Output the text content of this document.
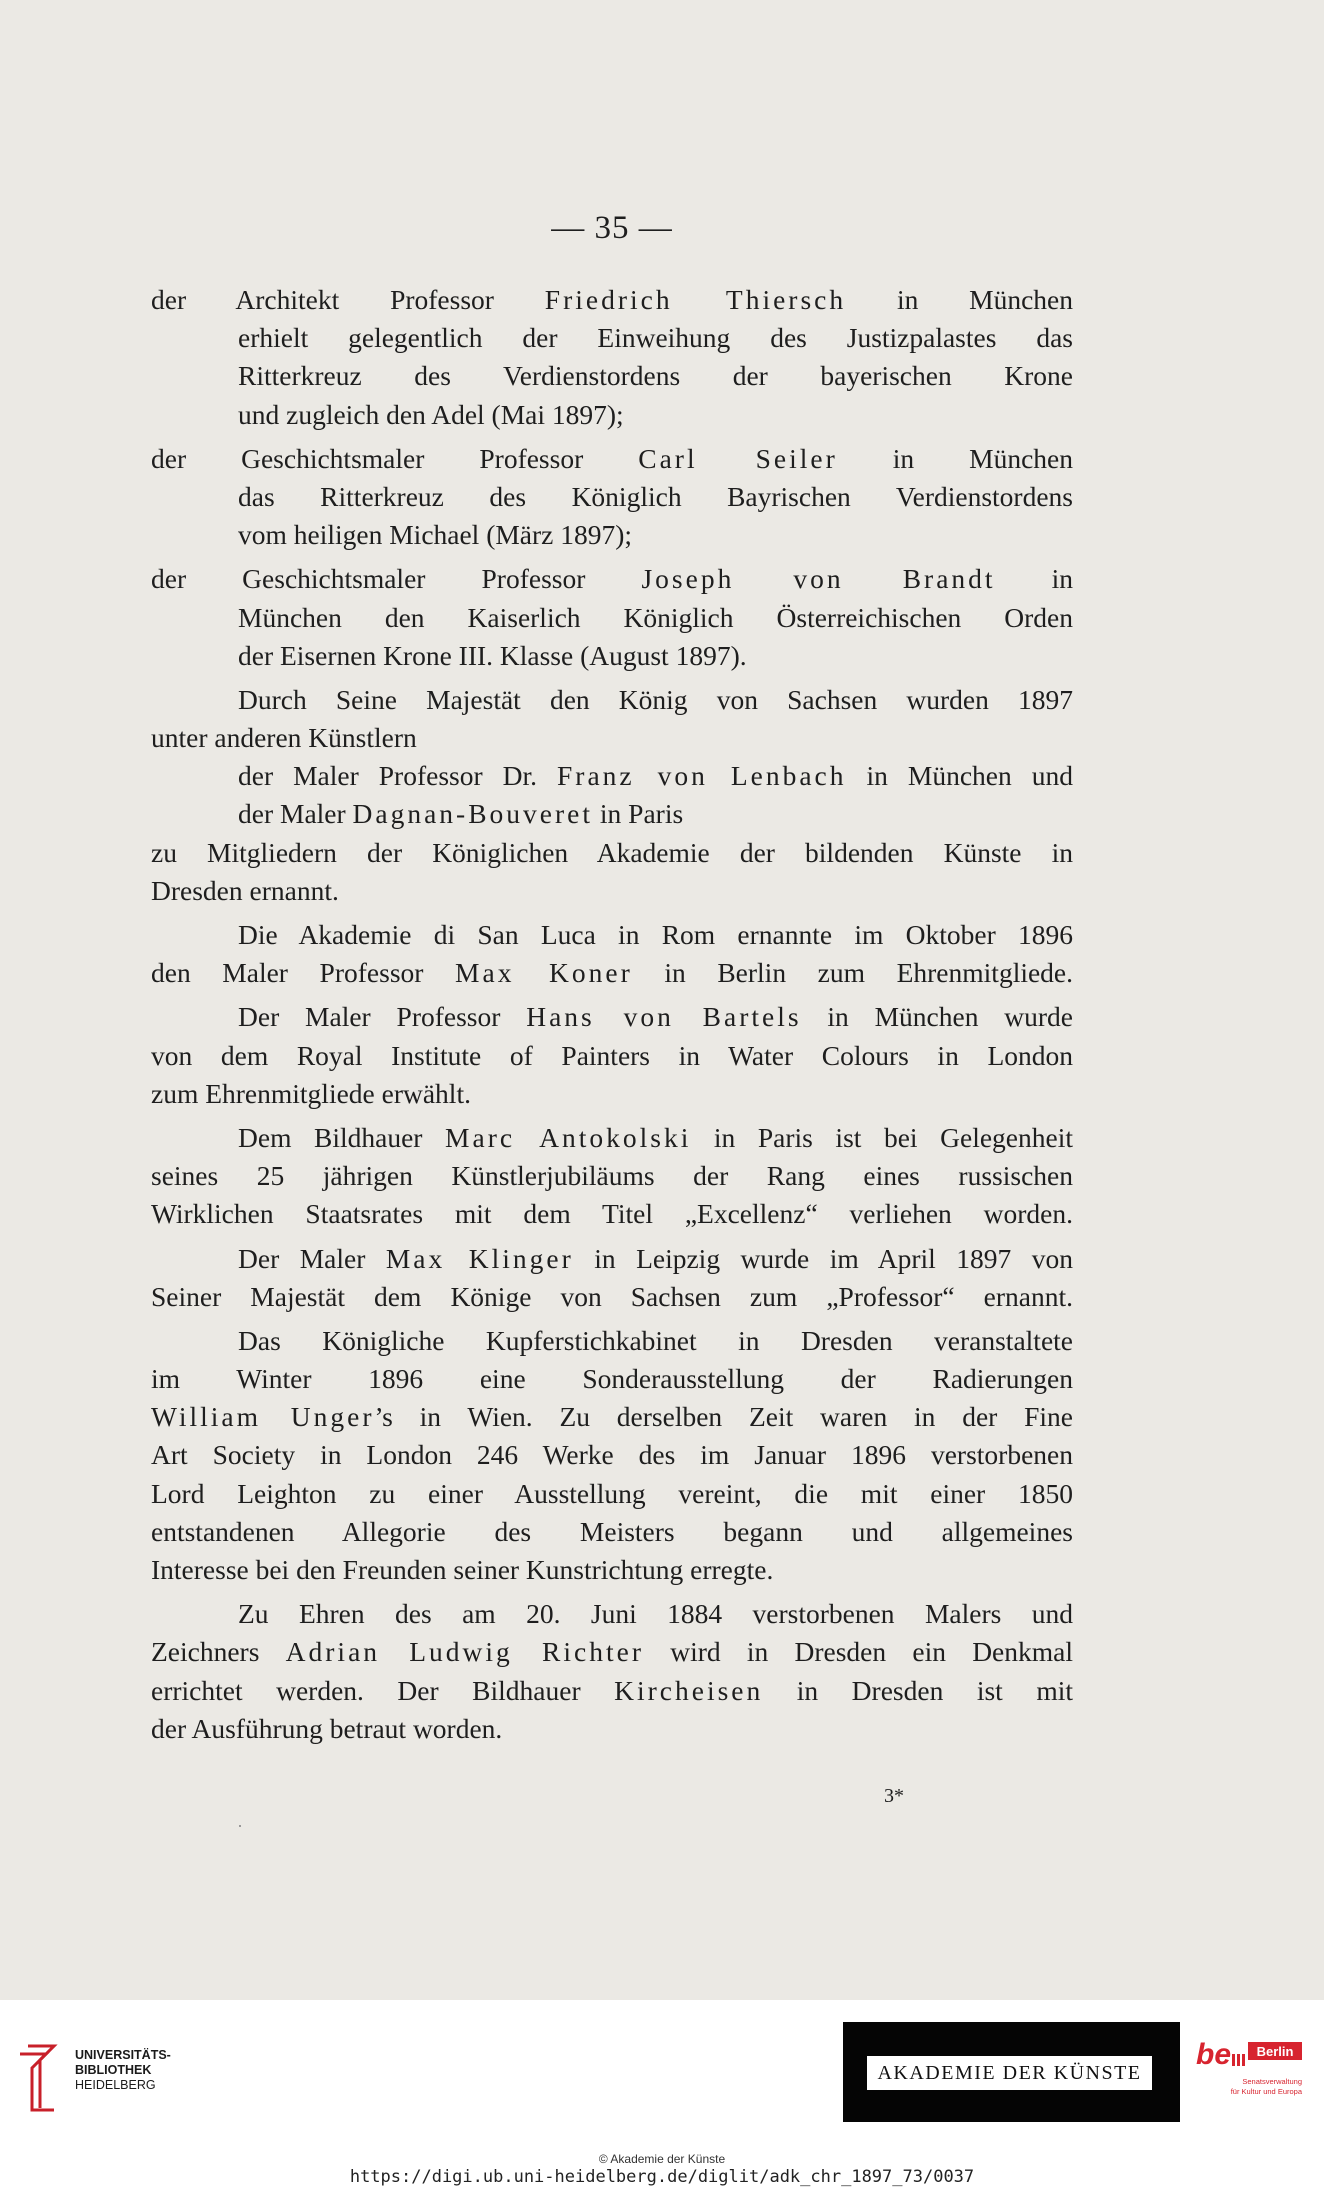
— 35 —
der Architekt Professor Friedrich Thiersch in München
erhielt gelegentlich der Einweihung des Justizpalastes das
Ritterkreuz des Verdienstordens der bayerischen Krone
und zugleich den Adel (Mai 1897);
der Geschichtsmaler Professor Carl Seiler in München
das Ritterkreuz des Königlich Bayrischen Verdienstordens
vom heiligen Michael (März 1897);
der Geschichtsmaler Professor Joseph von Brandt in
München den Kaiserlich Königlich Österreichischen Orden
der Eisernen Krone III. Klasse (August 1897).
Durch Seine Majestät den König von Sachsen wurden 1897
unter anderen Künstlern
der Maler Professor Dr. Franz von Lenbach in München und
der Maler Dagnan-Bouveret in Paris
zu Mitgliedern der Königlichen Akademie der bildenden Künste in
Dresden ernannt.
Die Akademie di San Luca in Rom ernannte im Oktober 1896
den Maler Professor Max Koner in Berlin zum Ehrenmitgliede.
Der Maler Professor Hans von Bartels in München wurde
von dem Royal Institute of Painters in Water Colours in London
zum Ehrenmitgliede erwählt.
Dem Bildhauer Marc Antokolski in Paris ist bei Gelegenheit
seines 25 jährigen Künstlerjubiläums der Rang eines russischen
Wirklichen Staatsrates mit dem Titel „Excellenz“ verliehen worden.
Der Maler Max Klinger in Leipzig wurde im April 1897 von
Seiner Majestät dem Könige von Sachsen zum „Professor“ ernannt.
Das Königliche Kupferstichkabinet in Dresden veranstaltete
im Winter 1896 eine Sonderausstellung der Radierungen
William Unger’s in Wien. Zu derselben Zeit waren in der Fine
Art Society in London 246 Werke des im Januar 1896 verstorbenen
Lord Leighton zu einer Ausstellung vereint, die mit einer 1850
entstandenen Allegorie des Meisters begann und allgemeines
Interesse bei den Freunden seiner Kunstrichtung erregte.
Zu Ehren des am 20. Juni 1884 verstorbenen Malers und
Zeichners Adrian Ludwig Richter wird in Dresden ein Denkmal
errichtet werden. Der Bildhauer Kircheisen in Dresden ist mit
der Ausführung betraut worden.
3*
UNIVERSITÄTS-
BIBLIOTHEK
HEIDELBERG
AKADEMIE DER KÜNSTE
be Berlin
Senatsverwaltung
für Kultur und Europa
© Akademie der Künste
https://digi.ub.uni-heidelberg.de/diglit/adk_chr_1897_73/0037
